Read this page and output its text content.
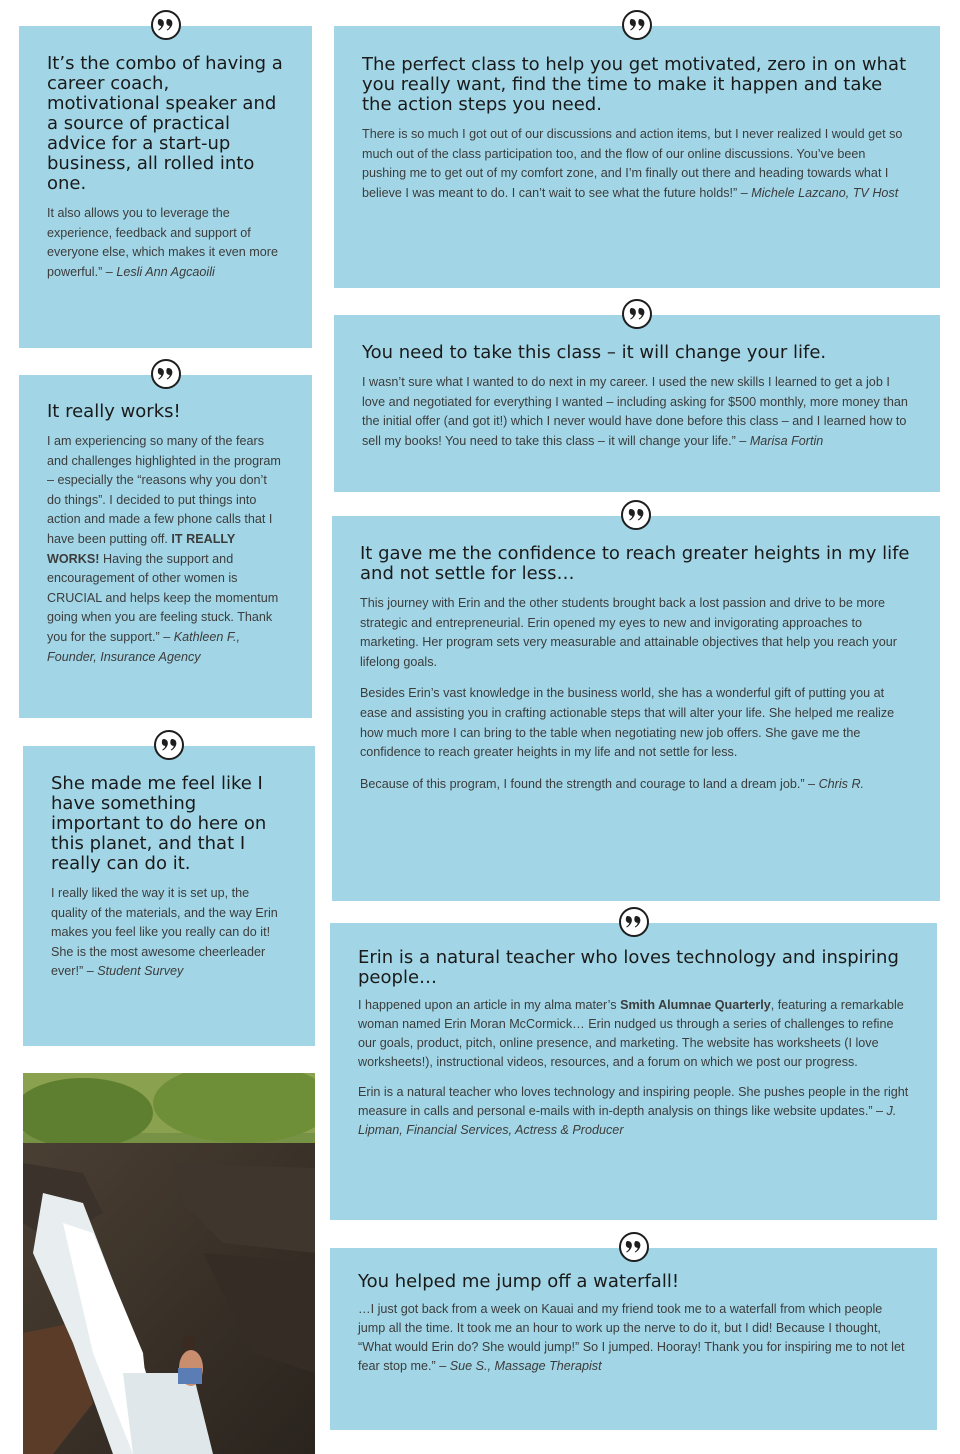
It’s the combo of having a career coach, motivational speaker and a source of practical advice for a start-up business, all rolled into one.

It also allows you to leverage the experience, feedback and support of everyone else, which makes it even more powerful.” – Lesli Ann Agcaoili

The perfect class to help you get motivated, zero in on what you really want, find the time to make it happen and take the action steps you need.

There is so much I got out of our discussions and action items, but I never realized I would get so much out of the class participation too, and the flow of our online discussions. You’ve been pushing me to get out of my comfort zone, and I’m finally out there and heading towards what I believe I was meant to do. I can’t wait to see what the future holds!” – Michele Lazcano, TV Host

You need to take this class – it will change your life.

I wasn’t sure what I wanted to do next in my career. I used the new skills I learned to get a job I love and negotiated for everything I wanted – including asking for $500 monthly, more money than the initial offer (and got it!) which I never would have done before this class – and I learned how to sell my books! You need to take this class – it will change your life.” – Marisa Fortin

It really works!

I am experiencing so many of the fears and challenges highlighted in the program – especially the “reasons why you don’t do things”. I decided to put things into action and made a few phone calls that I have been putting off. IT REALLY WORKS! Having the support and encouragement of other women is CRUCIAL and helps keep the momentum going when you are feeling stuck. Thank you for the support.” – Kathleen F., Founder, Insurance Agency

It gave me the confidence to reach greater heights in my life and not settle for less…

This journey with Erin and the other students brought back a lost passion and drive to be more strategic and entrepreneurial. Erin opened my eyes to new and invigorating approaches to marketing. Her program sets very measurable and attainable objectives that help you reach your lifelong goals.

Besides Erin’s vast knowledge in the business world, she has a wonderful gift of putting you at ease and assisting you in crafting actionable steps that will alter your life. She helped me realize how much more I can bring to the table when negotiating new job offers. She gave me the confidence to reach greater heights in my life and not settle for less.

Because of this program, I found the strength and courage to land a dream job.” – Chris R.

She made me feel like I have something important to do here on this planet, and that I really can do it.

I really liked the way it is set up, the quality of the materials, and the way Erin makes you feel like you really can do it! She is the most awesome cheerleader ever!” – Student Survey

Erin is a natural teacher who loves technology and inspiring people…

I happened upon an article in my alma mater’s Smith Alumnae Quarterly, featuring a remarkable woman named Erin Moran McCormick… Erin nudged us through a series of challenges to refine our goals, product, pitch, online presence, and marketing. The website has worksheets (I love worksheets!), instructional videos, resources, and a forum on which we post our progress.

Erin is a natural teacher who loves technology and inspiring people. She pushes people in the right measure in calls and personal e-mails with in-depth analysis on things like website updates.” – J. Lipman, Financial Services, Actress & Producer

You helped me jump off a waterfall!

…I just got back from a week on Kauai and my friend took me to a waterfall from which people jump all the time. It took me an hour to work up the nerve to do it, but I did! Because I thought, “What would Erin do? She would jump!” So I jumped. Hooray! Thank you for inspiring me to not let fear stop me.” – Sue S., Massage Therapist
